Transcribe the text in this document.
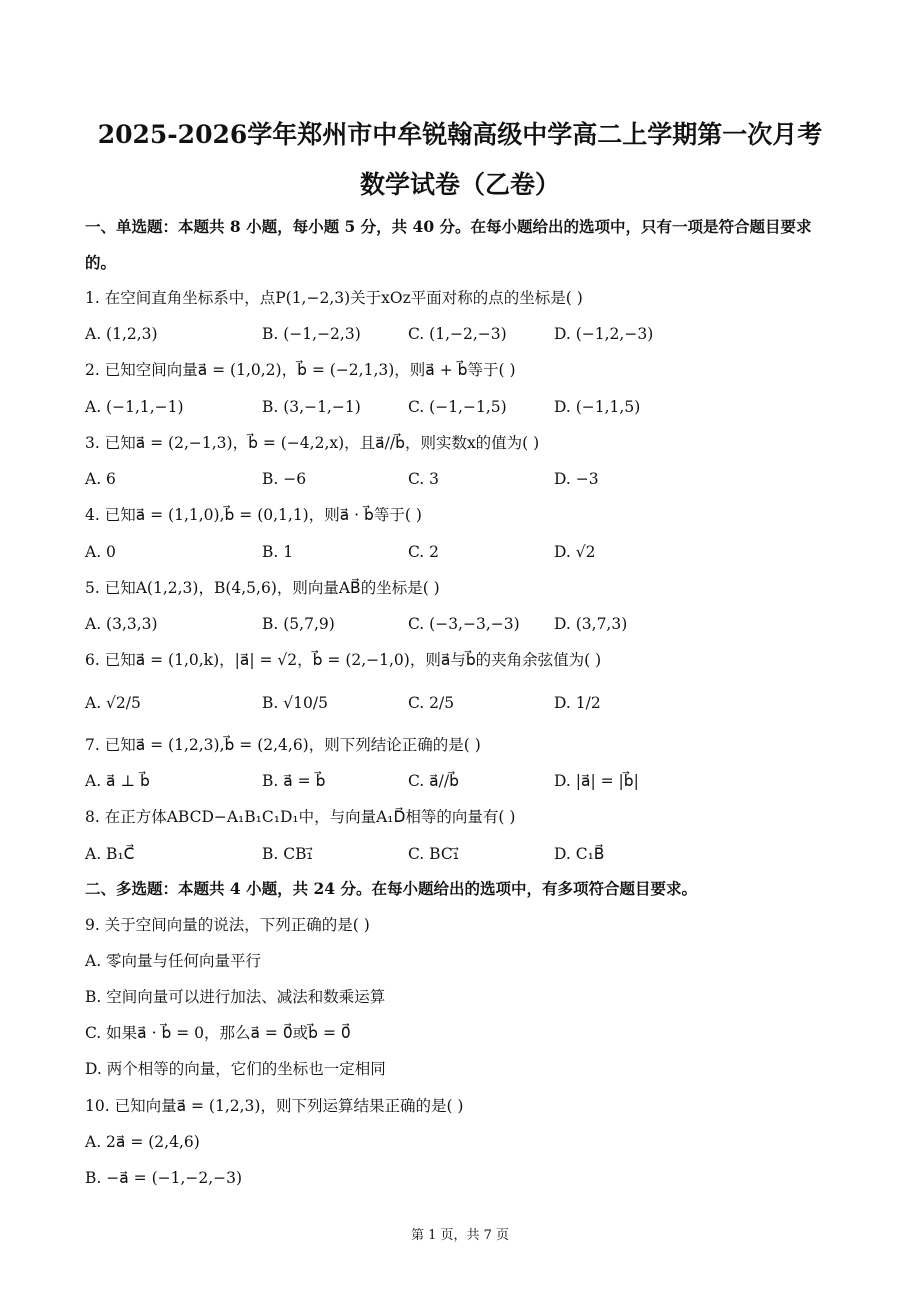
2025-2026学年郑州市中牟锐翰高级中学高二上学期第一次月考
数学试卷（乙卷）
一、单选题：本题共 8 小题，每小题 5 分，共 40 分。在每小题给出的选项中，只有一项是符合题目要求
的。
1. 在空间直角坐标系中，点P(1,−2,3)关于xOz平面对称的点的坐标是( )
A. (1,2,3)	B. (−1,−2,3)	C. (1,−2,−3)	D. (−1,2,−3)
2. 已知空间向量a⃗ = (1,0,2)，b⃗ = (−2,1,3)，则a⃗ + b⃗等于( )
A. (−1,1,−1)	B. (3,−1,−1)	C. (−1,−1,5)	D. (−1,1,5)
3. 已知a⃗ = (2,−1,3)，b⃗ = (−4,2,x)，且a⃗//b⃗，则实数x的值为( )
A. 6	B. −6	C. 3	D. −3
4. 已知a⃗ = (1,1,0),b⃗ = (0,1,1)，则a⃗ · b⃗等于( )
A. 0	B. 1	C. 2	D. √2
5. 已知A(1,2,3)，B(4,5,6)，则向量AB⃗的坐标是( )
A. (3,3,3)	B. (5,7,9)	C. (−3,−3,−3) D. (3,7,3)
6. 已知a⃗ = (1,0,k)，|a⃗| = √2，b⃗ = (2,−1,0)，则a⃗与b⃗的夹角余弦值为( )
A. √2/5	B. √10/5	C. 2/5	D. 1/2
7. 已知a⃗ = (1,2,3),b⃗ = (2,4,6)，则下列结论正确的是( )
A. a⃗ ⊥ b⃗	B. a⃗ = b⃗	C. a⃗//b⃗	D. |a⃗| = |b⃗|
8. 在正方体ABCD−A₁B₁C₁D₁中，与向量A₁D⃗相等的向量有( )
A. B₁C⃗	B. CB₁⃗	C. BC₁⃗	D. C₁B⃗
二、多选题：本题共 4 小题，共 24 分。在每小题给出的选项中，有多项符合题目要求。
9. 关于空间向量的说法，下列正确的是( )
A. 零向量与任何向量平行
B. 空间向量可以进行加法、减法和数乘运算
C. 如果a⃗ · b⃗ = 0，那么a⃗ = 0⃗或b⃗ = 0⃗
D. 两个相等的向量，它们的坐标也一定相同
10. 已知向量a⃗ = (1,2,3)，则下列运算结果正确的是( )
A. 2a⃗ = (2,4,6)
B. −a⃗ = (−1,−2,−3)
第 1 页，共 7 页
